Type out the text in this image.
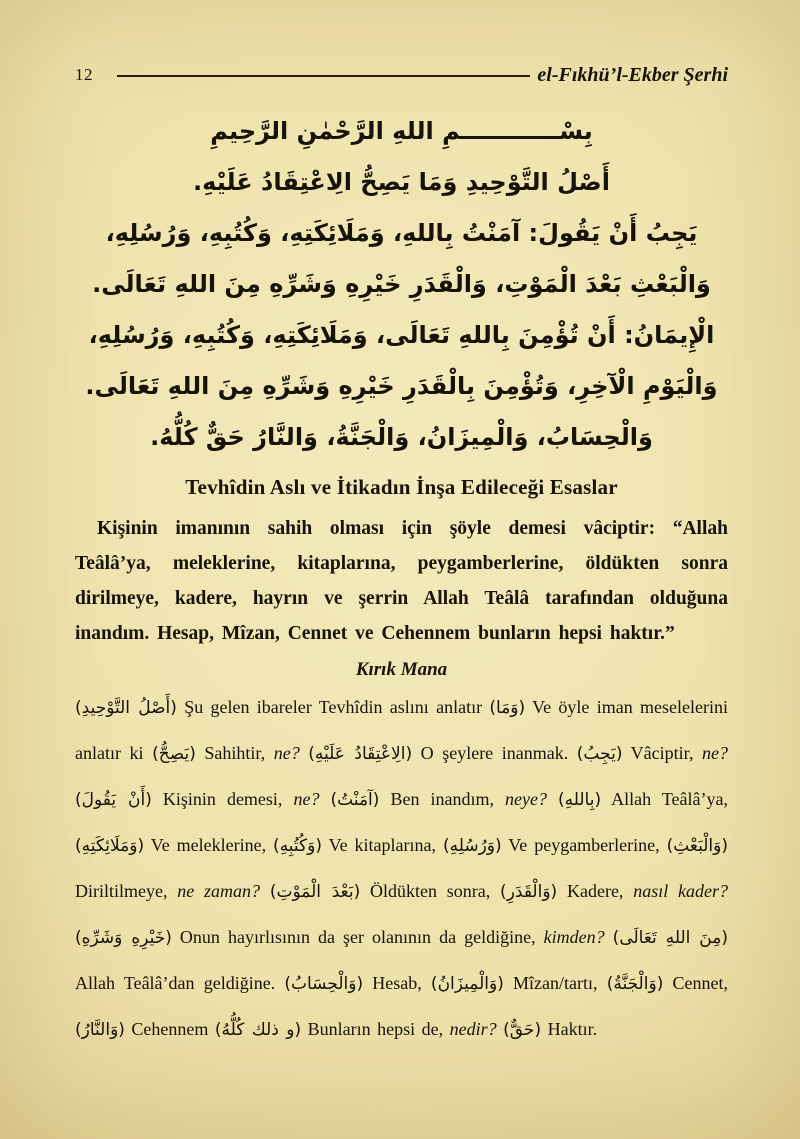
12	el-Fıkhü’l-Ekber Şerhi
بِسْــــــــــــمِ اللهِ الرَّحْمٰنِ الرَّحِيمِ
أَصْلُ التَّوْحِيدِ وَمَا يَصِحُّ الِاعْتِقَادُ عَلَيْهِ.
يَجِبُ أَنْ يَقُولَ: آمَنْتُ بِاللهِ، وَمَلَائِكَتِهِ، وَكُتُبِهِ، وَرُسُلِهِ، وَالْبَعْثِ بَعْدَ الْمَوْتِ، وَالْقَدَرِ خَيْرِهِ وَشَرِّهِ مِنَ اللهِ تَعَالَى.
الْإِيمَانُ: أَنْ تُؤْمِنَ بِاللهِ تَعَالَى، وَمَلَائِكَتِهِ، وَكُتُبِهِ، وَرُسُلِهِ، وَالْيَوْمِ الْآخِرِ، وَتُؤْمِنَ بِالْقَدَرِ خَيْرِهِ وَشَرِّهِ مِنَ اللهِ تَعَالَى.
وَالْحِسَابُ، وَالْمِيزَانُ، وَالْجَنَّةُ، وَالنَّارُ حَقٌّ كُلُّهُ.
Tevhîdin Aslı ve İtikadın İnşa Edileceği Esaslar

Kişinin imanının sahih olması için şöyle demesi vâciptir: “Allah Teâlâ’ya, meleklerine, kitaplarına, peygamberlerine, öldükten sonra dirilmeye, kadere, hayrın ve şerrin Allah Teâlâ tarafından olduğuna inandım. Hesap, Mîzan, Cennet ve Cehennem bunların hepsi haktır.”

Kırık Mana

(أَصْلُ التَّوْحِيدِ) Şu gelen ibareler Tevhîdin aslını anlatır (وَمَا) Ve öyle iman meselelerini anlatır ki (يَصِحُّ) Sahihtir, ne? (الِاعْتِقَادُ عَلَيْهِ) O şeylere inanmak. (يَجِبُ) Vâciptir, ne? (أَنْ يَقُولَ) Kişinin demesi, ne? (آمَنْتُ) Ben inandım, neye? (بِاللهِ) Allah Teâlâ’ya, (وَمَلَائِكَتِهِ) Ve meleklerine, (وَكُتُبِهِ) Ve kitaplarına, (وَرُسُلِهِ) Ve peygamberlerine, (وَالْبَعْثِ) Diriltilmeye, ne zaman? (بَعْدَ الْمَوْتِ) Öldükten sonra, (وَالْقَدَرِ) Kadere, nasıl kader? (خَيْرِهِ وَشَرِّهِ) Onun hayırlısının da şer olanının da geldiğine, kimden? (مِنَ اللهِ تَعَالَى) Allah Teâlâ’dan geldiğine. (وَالْحِسَابُ) Hesab, (وَالْمِيزَانُ) Mîzan/tartı, (وَالْجَنَّةُ) Cennet, (وَالنَّارُ) Cehennem (و ذلك كُلُّهُ) Bunların hepsi de, nedir? (حَقٌّ) Haktır.
